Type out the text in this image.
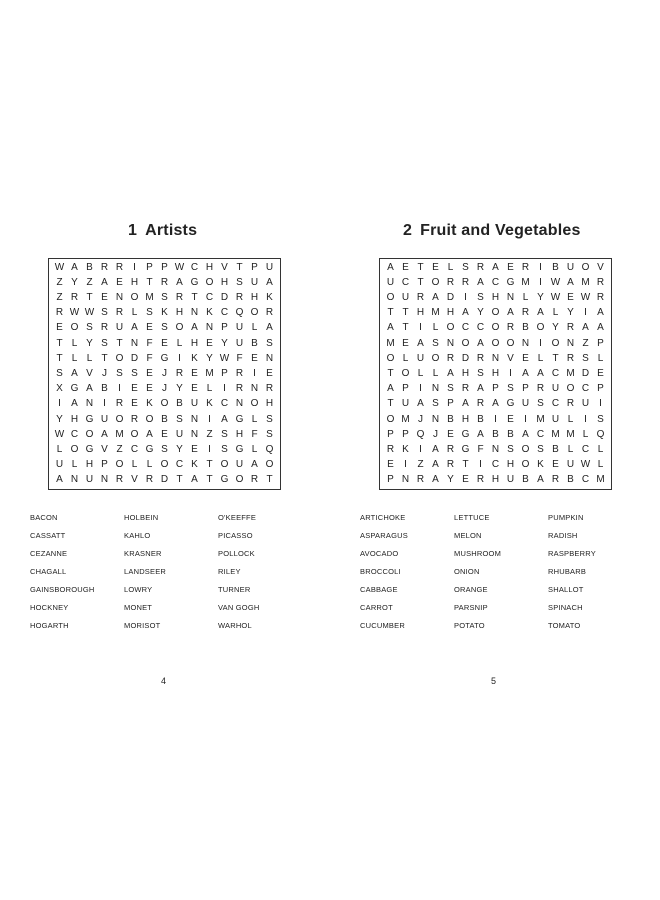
1 Artists
W A B R R	I	P P W C H V T P U
Z Y Z A E H T R A G O H S U A
Z R T E N O M S R T C D R H K
R W W S R L S K H N K C Q O R
E O S R U A E S O A N P U L A
T L Y S T N F E L H E Y U B S
T L L T O D F G I	K Y W F E N
S A V J S S E J R E M P R	I	E
X G A B	I	E E J Y E L	I R N R
I	A N	I R E K O B U K C N O H
Y H G U O R O B S N	I	A G L S
W C O A M O A E U N Z S H F S
L O G V Z C G S Y E	I	S G L Q
U L H P O L L O C K T O U A O
A N U N R V R D T A T G O R T
BACON	HOLBEIN	O'KEEFFE
CASSATT	KAHLO	PICASSO
CEZANNE	KRASNER	POLLOCK
CHAGALL	LANDSEER	RILEY
GAINSBOROUGH	LOWRY	TURNER
HOCKNEY	MONET	VAN GOGH
HOGARTH	MORISOT	WARHOL
4
2 Fruit and Vegetables
A E T E L S R A E R	I	B U O V
U C T O R R A C G M I W A M R
O U R A D	I	S H N L Y W E W R
T T H M H A Y O A R A L Y	I	A
A T	I	L O C C O R B O Y R A A
M E A S N O A O O N	I O N Z P
O L U O R D R N V E L T R S L
T O L L A H S H	I	A A C M D E
A P	I N S R A P S P R U O C P
T U A S P A R A G U S C R U	I
O M J N B H B	I	E	I M U L	I	S
P P Q J E G A B B A C M M L Q
R K	I	A R G F N S O S B L C L
E	I	Z A R T	I C H O K E U W L
P N R A Y E R H U B A R B C M
ARTICHOKE	LETTUCE	PUMPKIN
ASPARAGUS	MELON	RADISH
AVOCADO	MUSHROOM	RASPBERRY
BROCCOLI	ONION	RHUBARB
CABBAGE	ORANGE	SHALLOT
CARROT	PARSNIP	SPINACH
CUCUMBER	POTATO	TOMATO
5
